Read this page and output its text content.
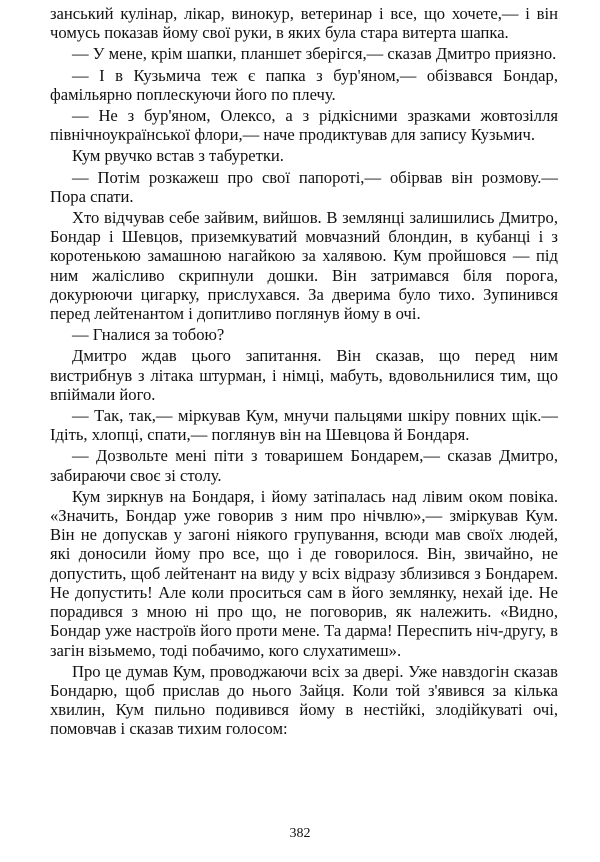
занський кулінар, лікар, винокур, ветеринар і все, що хочете,— і він чомусь показав йому свої руки, в яких була стара витерта шапка.

— У мене, крім шапки, планшет зберігся,— сказав Дмитро приязно.

— І в Кузьмича теж є папка з бур'яном,— обізвався Бондар, фамільярно поплескуючи його по плечу.

— Не з бур'яном, Олексо, а з рідкісними зразками жовтозілля північноукраїнської флори,— наче продиктував для запису Кузьмич.

Кум рвучко встав з табуретки.

— Потім розкажеш про свої папороті,— обірвав він розмову.— Пора спати.

Хто відчував себе зайвим, вийшов. В землянці залишились Дмитро, Бондар і Шевцов, приземкуватий мовчазний блондин, в кубанці і з коротенькою замашною нагайкою за халявою. Кум пройшовся — під ним жалісливо скрипнули дошки. Він затримався біля порога, докурюючи цигарку, прислухався. За дверима було тихо. Зупинився перед лейтенантом і допитливо поглянув йому в очі.

— Гналися за тобою?

Дмитро ждав цього запитання. Він сказав, що перед ним вистрибнув з літака штурман, і німці, мабуть, вдовольнилися тим, що впіймали його.

— Так, так,— міркував Кум, мнучи пальцями шкіру повних щік.— Ідіть, хлопці, спати,— поглянув він на Шевцова й Бондаря.

— Дозвольте мені піти з товаришем Бондарем,— сказав Дмитро, забираючи своє зі столу.

Кум зиркнув на Бондаря, і йому затіпалась над лівим оком повіка. «Значить, Бондар уже говорив з ним про нічвлю»,— зміркував Кум. Він не допускав у загоні ніякого групування, всюди мав своїх людей, які доносили йому про все, що і де говорилося. Він, звичайно, не допустить, щоб лейтенант на виду у всіх відразу зблизився з Бондарем. Не допустить! Але коли проситься сам в його землянку, нехай іде. Не порадився з мною ні про що, не поговорив, як належить. «Видно, Бондар уже настроїв його проти мене. Та дарма! Переспить ніч-другу, в загін візьмемо, тоді побачимо, кого слухатимеш».

Про це думав Кум, проводжаючи всіх за двері. Уже навздогін сказав Бондарю, щоб прислав до нього Зайця. Коли той з'явився за кілька хвилин, Кум пильно подивився йому в нестійкі, злодійкуваті очі, помовчав і сказав тихим голосом:

382
